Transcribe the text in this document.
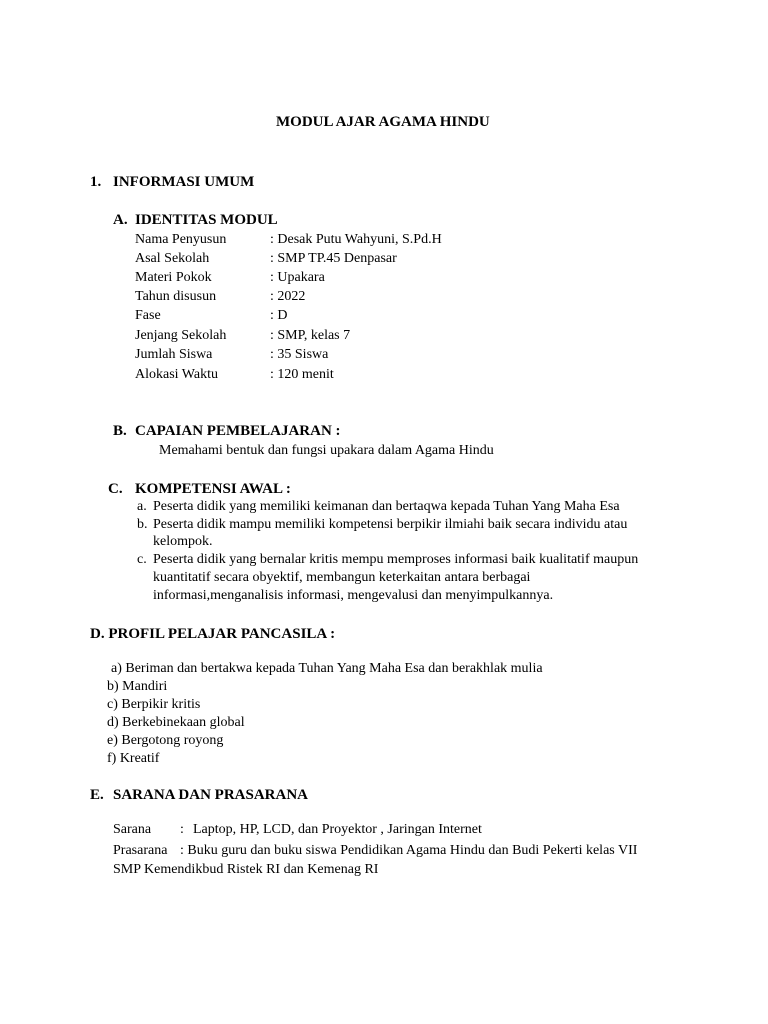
MODUL AJAR AGAMA HINDU
1. INFORMASI UMUM
A. IDENTITAS MODUL
Nama Penyusun	: Desak Putu Wahyuni, S.Pd.H
Asal Sekolah	: SMP TP.45 Denpasar
Materi Pokok	: Upakara
Tahun disusun	: 2022
Fase	: D
Jenjang Sekolah	: SMP, kelas 7
Jumlah Siswa	: 35 Siswa
Alokasi Waktu	: 120 menit
B. CAPAIAN PEMBELAJARAN :
Memahami bentuk dan fungsi upakara dalam Agama Hindu
C. KOMPETENSI AWAL :
a. Peserta didik yang memiliki keimanan dan bertaqwa kepada Tuhan Yang Maha Esa
b. Peserta didik mampu memiliki kompetensi berpikir ilmiahi baik secara individu atau
kelompok.
c. Peserta didik yang bernalar kritis mempu memproses informasi baik kualitatif maupun
kuantitatif secara obyektif, membangun keterkaitan antara berbagai
informasi,menganalisis informasi, mengevalusi dan menyimpulkannya.
D. PROFIL PELAJAR PANCASILA :
a) Beriman dan bertakwa kepada Tuhan Yang Maha Esa dan berakhlak mulia
b) Mandiri
c) Berpikir kritis
d) Berkebinekaan global
e) Bergotong royong
f) Kreatif
E. SARANA DAN PRASARANA
Sarana : Laptop, HP, LCD, dan Proyektor , Jaringan Internet
Prasarana : Buku guru dan buku siswa Pendidikan Agama Hindu dan Budi Pekerti kelas VII
SMP Kemendikbud Ristek RI dan Kemenag RI
